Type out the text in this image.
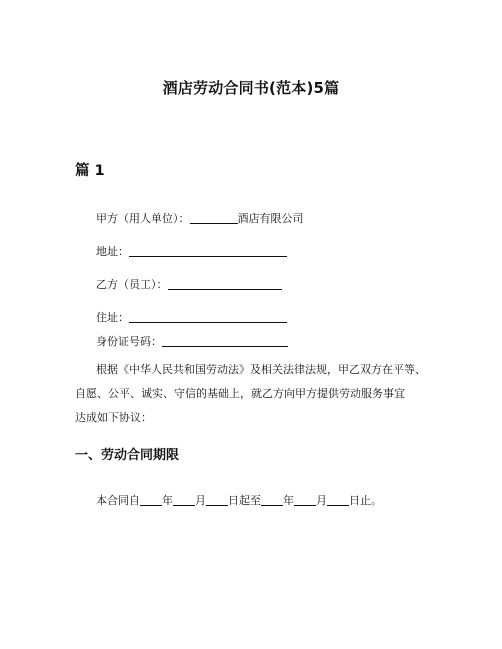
酒店劳动合同书(范本)5篇
篇 1
甲方（用人单位）：	酒店有限公司
地址：
乙方（员工）：
住址：
身份证号码：
根据《中华人民共和国劳动法》及相关法律法规，甲乙双方在平等、
自愿、公平、诚实、守信的基础上，就乙方向甲方提供劳动服务事宜
达成如下协议：
一、劳动合同期限
本合同自 年 月 日起至 年 月 日止。
